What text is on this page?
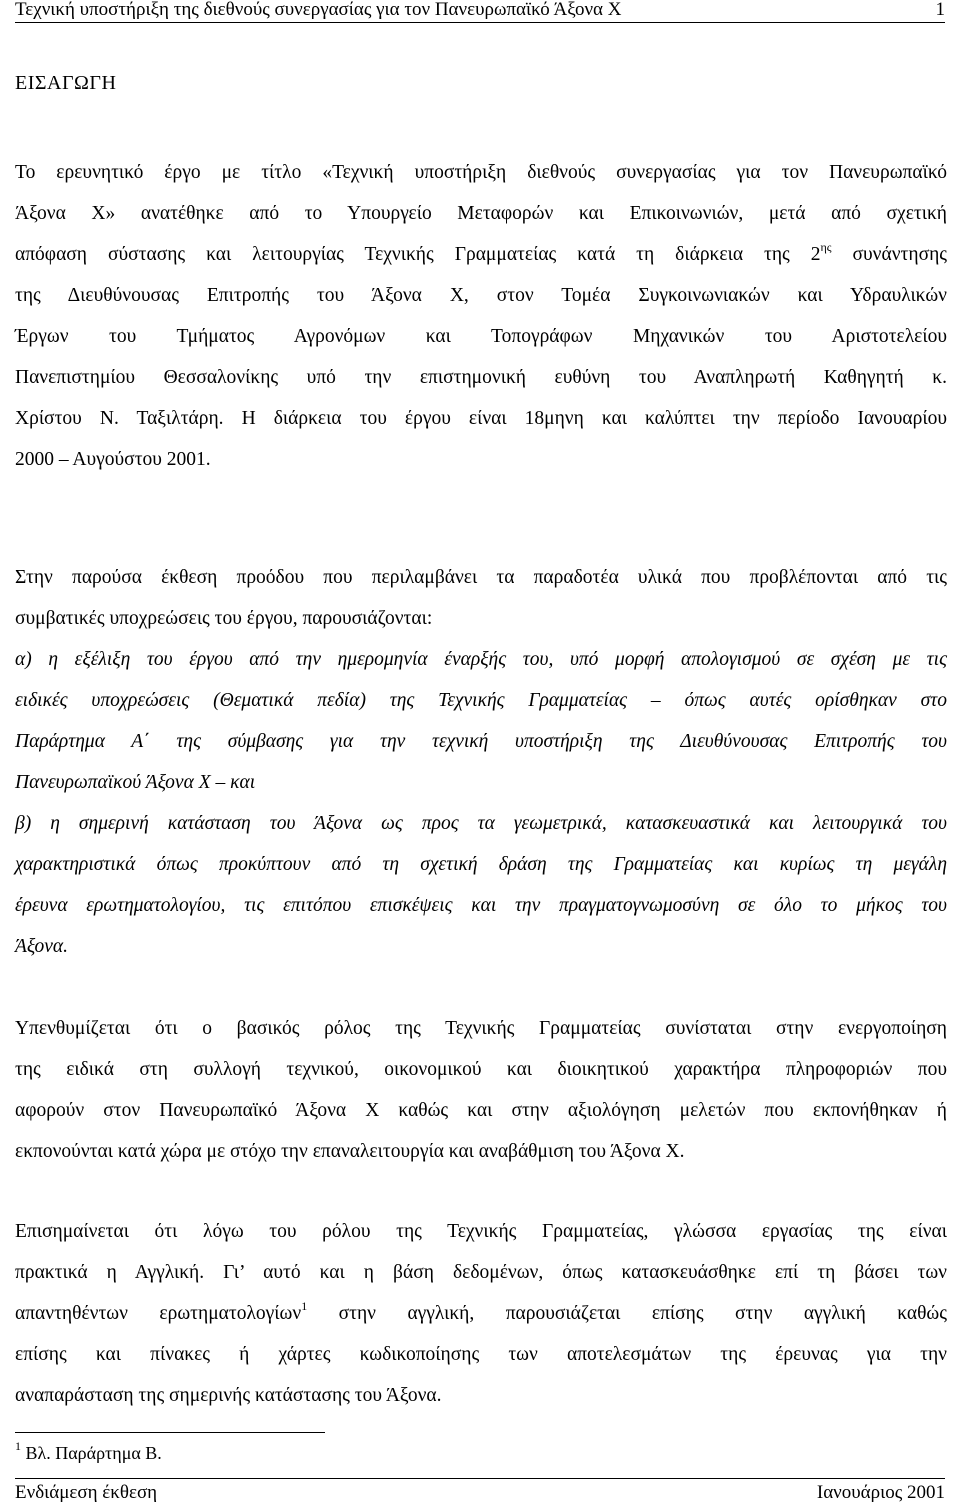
Τεχνική υποστήριξη της διεθνούς συνεργασίας για τον Πανευρωπαϊκό Άξονα Χ	1
ΕΙΣΑΓΩΓΗ
Το ερευνητικό έργο με τίτλο «Τεχνική υποστήριξη διεθνούς συνεργασίας για τον Πανευρωπαϊκό
Άξονα Χ» ανατέθηκε από το Υπουργείο Μεταφορών και Επικοινωνιών, μετά από σχετική
απόφαση σύστασης και λειτουργίας Τεχνικής Γραμματείας κατά τη διάρκεια της $2^{\eta\varsigma}$ συνάντησης
της Διευθύνουσας Επιτροπής του Άξονα Χ, στον Τομέα Συγκοινωνιακών και Υδραυλικών
Έργων του Τμήματος Αγρονόμων και Τοπογράφων Μηχανικών του Αριστοτελείου
Πανεπιστημίου Θεσσαλονίκης υπό την επιστημονική ευθύνη του Αναπληρωτή Καθηγητή κ.
Χρίστου Ν. Ταξιλτάρη. Η διάρκεια του έργου είναι 18μηνη και καλύπτει την περίοδο Ιανουαρίου
2000 – Αυγούστου 2001.
Στην παρούσα έκθεση προόδου που περιλαμβάνει τα παραδοτέα υλικά που προβλέπονται από τις
συμβατικές υποχρεώσεις του έργου, παρουσιάζονται:
α) η εξέλιξη του έργου από την ημερομηνία έναρξής του, υπό μορφή απολογισμού σε σχέση με τις
ειδικές υποχρεώσεις (Θεματικά πεδία) της Τεχνικής Γραμματείας – όπως αυτές ορίσθηκαν στο
Παράρτημα Α΄ της σύμβασης για την τεχνική υποστήριξη της Διευθύνουσας Επιτροπής του
Πανευρωπαϊκού Άξονα Χ – και
β) η σημερινή κατάσταση του Άξονα ως προς τα γεωμετρικά, κατασκευαστικά και λειτουργικά του
χαρακτηριστικά όπως προκύπτουν από τη σχετική δράση της Γραμματείας και κυρίως τη μεγάλη
έρευνα ερωτηματολογίου, τις επιτόπου επισκέψεις και την πραγματογνωμοσύνη σε όλο το μήκος του
Άξονα.
Υπενθυμίζεται ότι ο βασικός ρόλος της Τεχνικής Γραμματείας συνίσταται στην ενεργοποίηση
της ειδικά στη συλλογή τεχνικού, οικονομικού και διοικητικού χαρακτήρα πληροφοριών που
αφορούν στον Πανευρωπαϊκό Άξονα Χ καθώς και στην αξιολόγηση μελετών που εκπονήθηκαν ή
εκπονούνται κατά χώρα με στόχο την επαναλειτουργία και αναβάθμιση του Άξονα Χ.
Επισημαίνεται ότι λόγω του ρόλου της Τεχνικής Γραμματείας, γλώσσα εργασίας της είναι
πρακτικά η Αγγλική. Γι’ αυτό και η βάση δεδομένων, όπως κατασκευάσθηκε επί τη βάσει των
απαντηθέντων ερωτηματολογίων$^1$ στην αγγλική, παρουσιάζεται επίσης στην αγγλική καθώς
επίσης και πίνακες ή χάρτες κωδικοποίησης των αποτελεσμάτων της έρευνας για την
αναπαράσταση της σημερινής κατάστασης του Άξονα.
$^1$ Βλ. Παράρτημα Β.
Ενδιάμεση έκθεση	Ιανουάριος 2001
